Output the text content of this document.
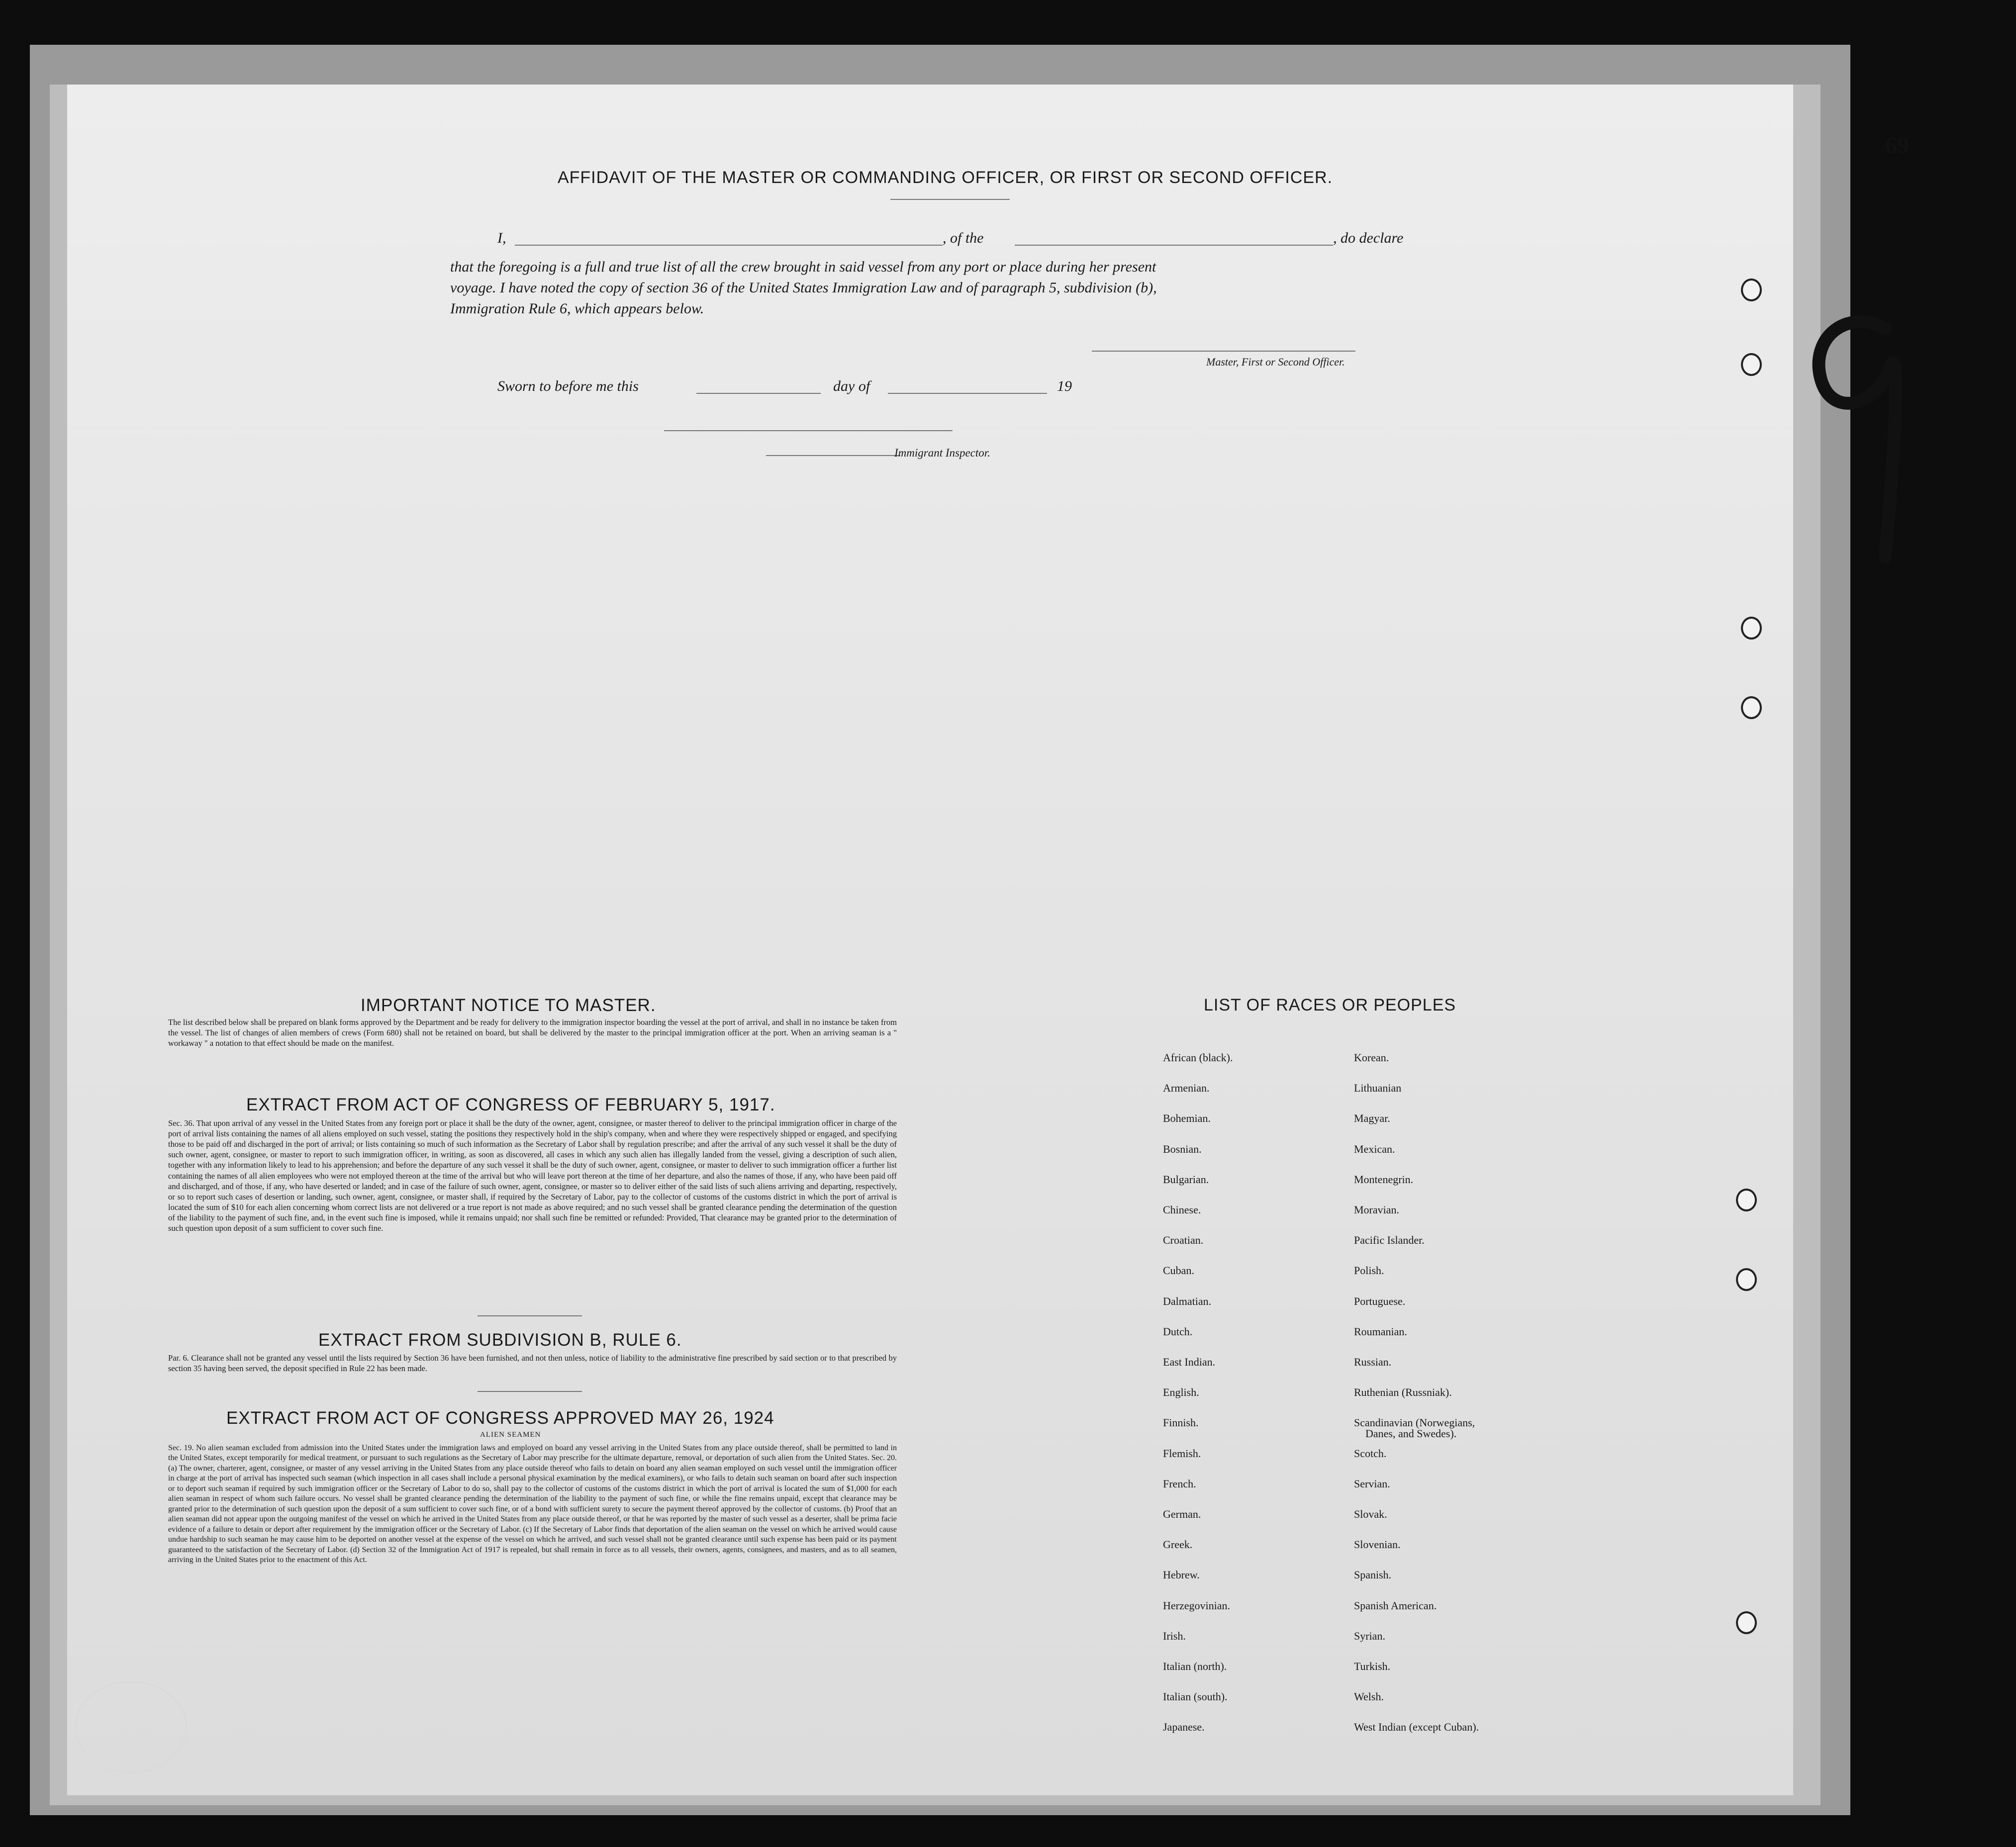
69
AFFIDAVIT OF THE MASTER OR COMMANDING OFFICER, OR FIRST OR SECOND OFFICER.
I,	, of the	, do declare
that the foregoing is a full and true list of all the crew brought in said vessel from any port or place during her present
voyage. I have noted the copy of section 36 of the United States Immigration Law and of paragraph 5, subdivision (b),
Immigration Rule 6, which appears below.
Master, First or Second Officer.
Sworn to before me this	day of	19
Immigrant Inspector.
IMPORTANT NOTICE TO MASTER.
The list described below shall be prepared on blank forms approved by the Department and be ready for delivery to the immigration inspector boarding the vessel at the port of arrival, and shall in no instance be taken from the vessel. The list of changes of alien members of crews (Form 680) shall not be retained on board, but shall be delivered by the master to the principal immigration officer at the port. When an arriving seaman is a " workaway " a notation to that effect should be made on the manifest.
EXTRACT FROM ACT OF CONGRESS OF FEBRUARY 5, 1917.
Sec. 36. That upon arrival of any vessel in the United States from any foreign port or place it shall be the duty of the owner, agent, consignee, or master thereof to deliver to the principal immigration officer in charge of the port of arrival lists containing the names of all aliens employed on such vessel, stating the positions they respectively hold in the ship's company, when and where they were respectively shipped or engaged, and specifying those to be paid off and discharged in the port of arrival; or lists containing so much of such information as the Secretary of Labor shall by regulation prescribe; and after the arrival of any such vessel it shall be the duty of such owner, agent, consignee, or master to report to such immigration officer, in writing, as soon as discovered, all cases in which any such alien has illegally landed from the vessel, giving a description of such alien, together with any information likely to lead to his apprehension; and before the departure of any such vessel it shall be the duty of such owner, agent, consignee, or master to deliver to such immigration officer a further list containing the names of all alien employees who were not employed thereon at the time of the arrival but who will leave port thereon at the time of her departure, and also the names of those, if any, who have been paid off and discharged, and of those, if any, who have deserted or landed; and in case of the failure of such owner, agent, consignee, or master so to deliver either of the said lists of such aliens arriving and departing, respectively, or so to report such cases of desertion or landing, such owner, agent, consignee, or master shall, if required by the Secretary of Labor, pay to the collector of customs of the customs district in which the port of arrival is located the sum of $10 for each alien concerning whom correct lists are not delivered or a true report is not made as above required; and no such vessel shall be granted clearance pending the determination of the question of the liability to the payment of such fine, and, in the event such fine is imposed, while it remains unpaid; nor shall such fine be remitted or refunded: Provided, That clearance may be granted prior to the determination of such question upon deposit of a sum sufficient to cover such fine.
EXTRACT FROM SUBDIVISION B, RULE 6.
Par. 6. Clearance shall not be granted any vessel until the lists required by Section 36 have been furnished, and not then unless, notice of liability to the administrative fine prescribed by said section or to that prescribed by section 35 having been served, the deposit specified in Rule 22 has been made.
EXTRACT FROM ACT OF CONGRESS APPROVED MAY 26, 1924
ALIEN SEAMEN
Sec. 19. No alien seaman excluded from admission into the United States under the immigration laws and employed on board any vessel arriving in the United States from any place outside thereof, shall be permitted to land in the United States, except temporarily for medical treatment, or pursuant to such regulations as the Secretary of Labor may prescribe for the ultimate departure, removal, or deportation of such alien from the United States. Sec. 20. (a) The owner, charterer, agent, consignee, or master of any vessel arriving in the United States from any place outside thereof who fails to detain on board any alien seaman employed on such vessel until the immigration officer in charge at the port of arrival has inspected such seaman (which inspection in all cases shall include a personal physical examination by the medical examiners), or who fails to detain such seaman on board after such inspection or to deport such seaman if required by such immigration officer or the Secretary of Labor to do so, shall pay to the collector of customs of the customs district in which the port of arrival is located the sum of $1,000 for each alien seaman in respect of whom such failure occurs. No vessel shall be granted clearance pending the determination of the liability to the payment of such fine, or while the fine remains unpaid, except that clearance may be granted prior to the determination of such question upon the deposit of a sum sufficient to cover such fine, or of a bond with sufficient surety to secure the payment thereof approved by the collector of customs. (b) Proof that an alien seaman did not appear upon the outgoing manifest of the vessel on which he arrived in the United States from any place outside thereof, or that he was reported by the master of such vessel as a deserter, shall be prima facie evidence of a failure to detain or deport after requirement by the immigration officer or the Secretary of Labor. (c) If the Secretary of Labor finds that deportation of the alien seaman on the vessel on which he arrived would cause undue hardship to such seaman he may cause him to be deported on another vessel at the expense of the vessel on which he arrived, and such vessel shall not be granted clearance until such expense has been paid or its payment guaranteed to the satisfaction of the Secretary of Labor. (d) Section 32 of the Immigration Act of 1917 is repealed, but shall remain in force as to all vessels, their owners, agents, consignees, and masters, and as to all seamen, arriving in the United States prior to the enactment of this Act.
LIST OF RACES OR PEOPLES
African (black).
Armenian.
Bohemian.
Bosnian.
Bulgarian.
Chinese.
Croatian.
Cuban.
Dalmatian.
Dutch.
East Indian.
English.
Finnish.
Flemish.
French.
German.
Greek.
Hebrew.
Herzegovinian.
Irish.
Italian (north).
Italian (south).
Japanese.
Korean.
Lithuanian
Magyar.
Mexican.
Montenegrin.
Moravian.
Pacific Islander.
Polish.
Portuguese.
Roumanian.
Russian.
Ruthenian (Russniak).
Scandinavian (Norwegians,
Scotch.
Servian.
Slovak.
Slovenian.
Spanish.
Spanish American.
Syrian.
Turkish.
Welsh.
West Indian (except Cuban).
Danes, and Swedes).
